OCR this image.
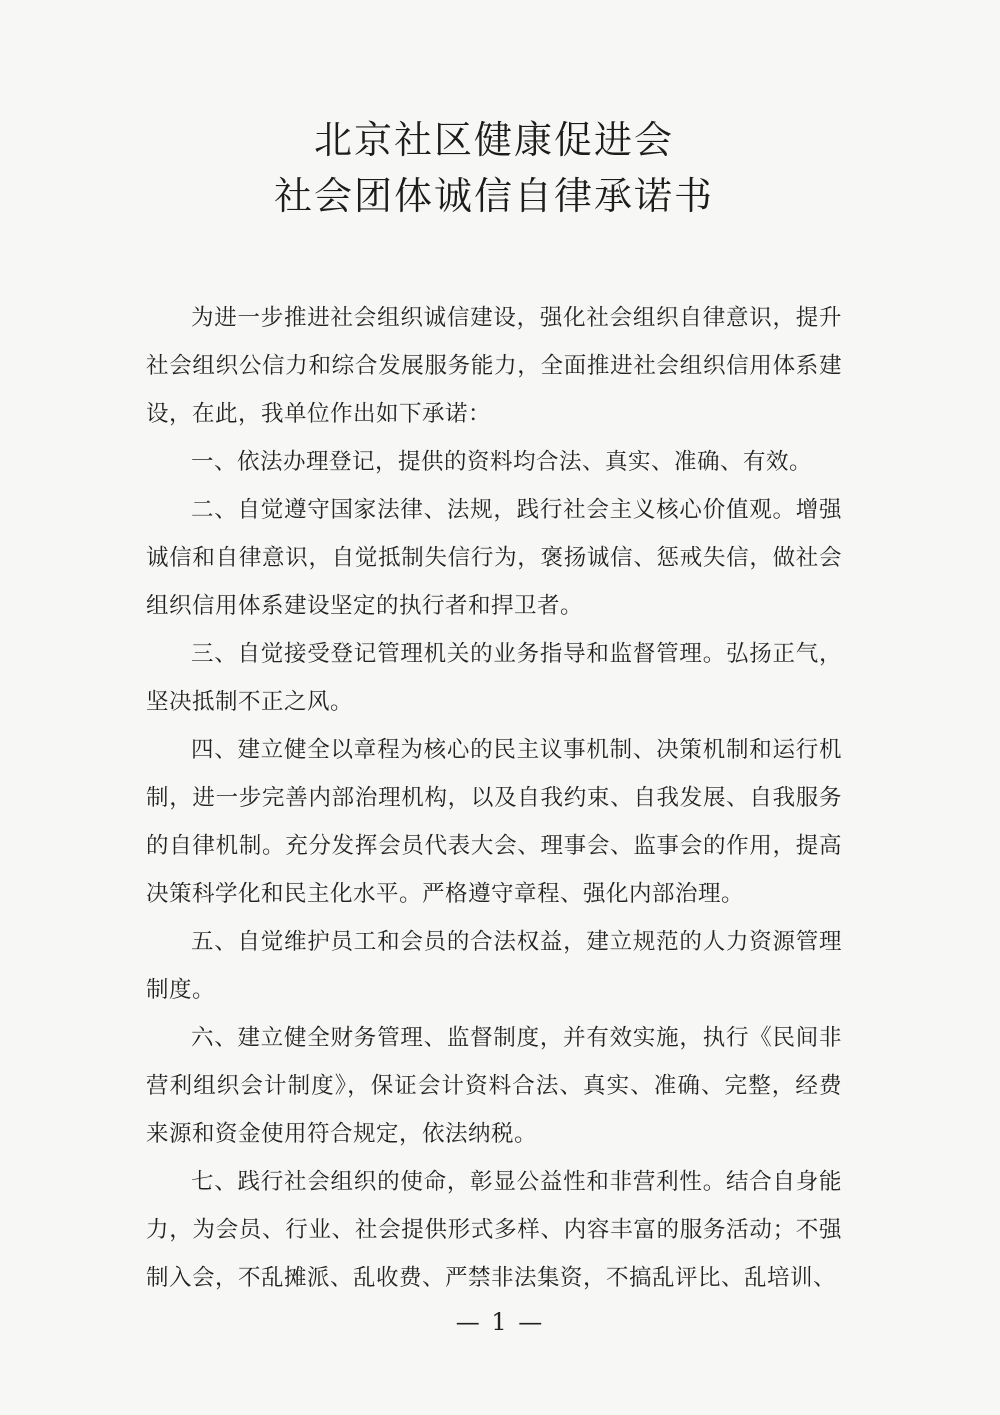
北京社区健康促进会
社会团体诚信自律承诺书

为进一步推进社会组织诚信建设，强化社会组织自律意识，提升社会组织公信力和综合发展服务能力，全面推进社会组织信用体系建设，在此，我单位作出如下承诺：

一、依法办理登记，提供的资料均合法、真实、准确、有效。

二、自觉遵守国家法律、法规，践行社会主义核心价值观。增强诚信和自律意识，自觉抵制失信行为，褒扬诚信、惩戒失信，做社会组织信用体系建设坚定的执行者和捍卫者。

三、自觉接受登记管理机关的业务指导和监督管理。弘扬正气，坚决抵制不正之风。

四、建立健全以章程为核心的民主议事机制、决策机制和运行机制，进一步完善内部治理机构，以及自我约束、自我发展、自我服务的自律机制。充分发挥会员代表大会、理事会、监事会的作用，提高决策科学化和民主化水平。严格遵守章程、强化内部治理。

五、自觉维护员工和会员的合法权益，建立规范的人力资源管理制度。

六、建立健全财务管理、监督制度，并有效实施，执行《民间非营利组织会计制度》，保证会计资料合法、真实、准确、完整，经费来源和资金使用符合规定，依法纳税。

七、践行社会组织的使命，彰显公益性和非营利性。结合自身能力，为会员、行业、社会提供形式多样、内容丰富的服务活动；不强制入会，不乱摊派、乱收费、严禁非法集资，不搞乱评比、乱培训、

— 1 —
